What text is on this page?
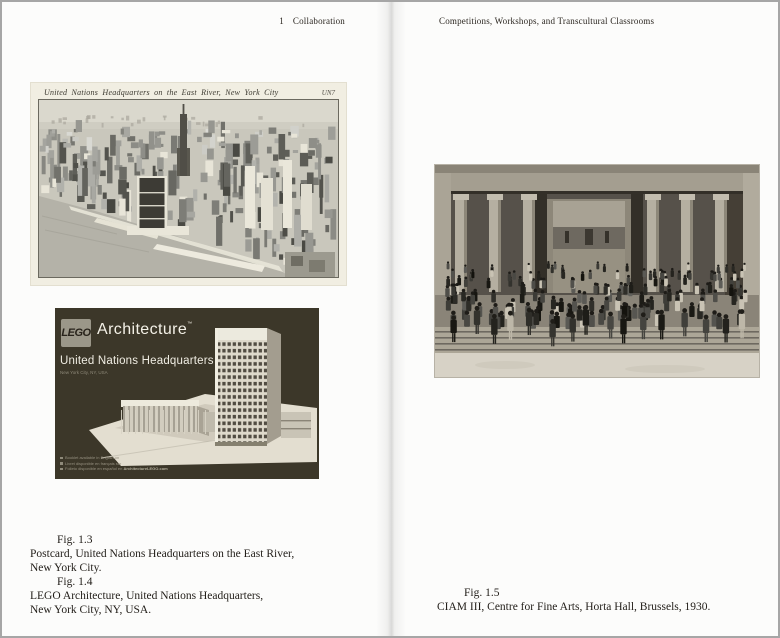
1 Collaboration	Competitions, Workshops, and Transcultural Classrooms
United Nations Headquarters on the East River, New York City	UN7
LEGO Architecture™
United Nations Headquarters
New York City, NY, USA
Booklet available in English on
Livret disponible en français sur
Folleto disponible en español en ArchitectureLEGO.com
Fig. 1.3
Postcard, United Nations Headquarters on the East River,
New York City.
Fig. 1.4
LEGO Architecture, United Nations Headquarters,
New York City, NY, USA.
Fig. 1.5
CIAM III, Centre for Fine Arts, Horta Hall, Brussels, 1930.
